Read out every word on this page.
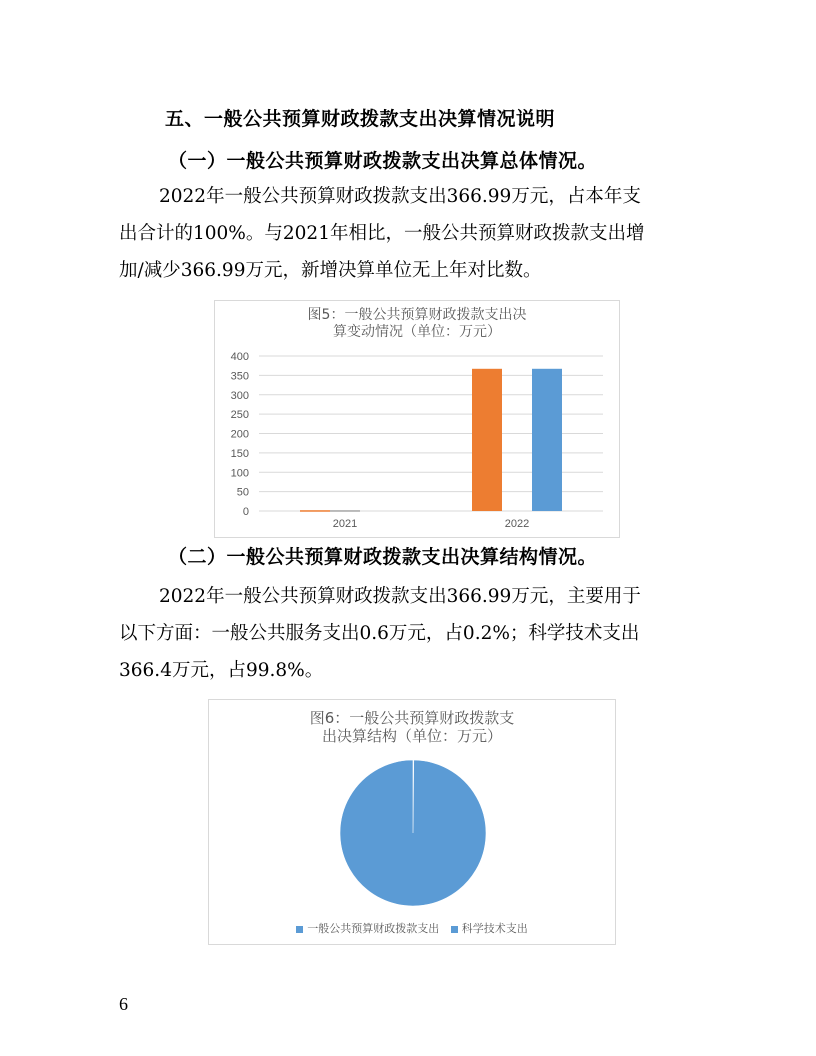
五、一般公共预算财政拨款支出决算情况说明
（一）一般公共预算财政拨款支出决算总体情况。
2022年一般公共预算财政拨款支出366.99万元，占本年支
出合计的100%。与2021年相比，一般公共预算财政拨款支出增
加/减少366.99万元，新增决算单位无上年对比数。
图5：一般公共预算财政拨款支出决
算变动情况（单位：万元）
0
50
100
150
200
250
300
350
400
2021	2022
（二）一般公共预算财政拨款支出决算结构情况。
2022年一般公共预算财政拨款支出366.99万元，主要用于
以下方面：一般公共服务支出0.6万元，占0.2%；科学技术支出
366.4万元，占99.8%。
图6：一般公共预算财政拨款支
出决算结构（单位：万元）
一般公共预算财政拨款支出 科学技术支出
6
